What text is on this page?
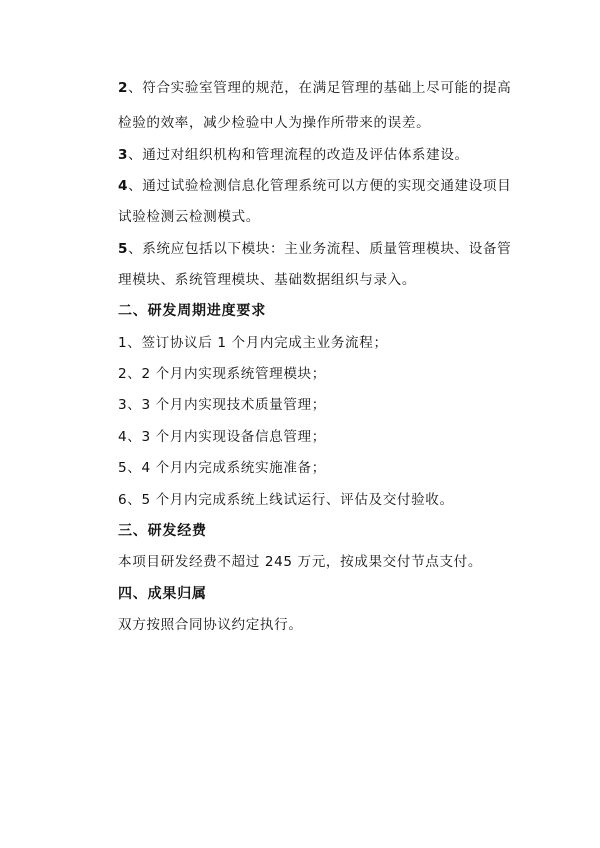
2、符合实验室管理的规范，在满足管理的基础上尽可能的提高
检验的效率，减少检验中人为操作所带来的误差。
3、通过对组织机构和管理流程的改造及评估体系建设。
4、通过试验检测信息化管理系统可以方便的实现交通建设项目
试验检测云检测模式。
5、系统应包括以下模块：主业务流程、质量管理模块、设备管
理模块、系统管理模块、基础数据组织与录入。
二、研发周期进度要求
1、签订协议后 1 个月内完成主业务流程；
2、2 个月内实现系统管理模块；
3、3 个月内实现技术质量管理；
4、3 个月内实现设备信息管理；
5、4 个月内完成系统实施准备；
6、5 个月内完成系统上线试运行、评估及交付验收。
三、研发经费
本项目研发经费不超过 245 万元，按成果交付节点支付。
四、成果归属
双方按照合同协议约定执行。
